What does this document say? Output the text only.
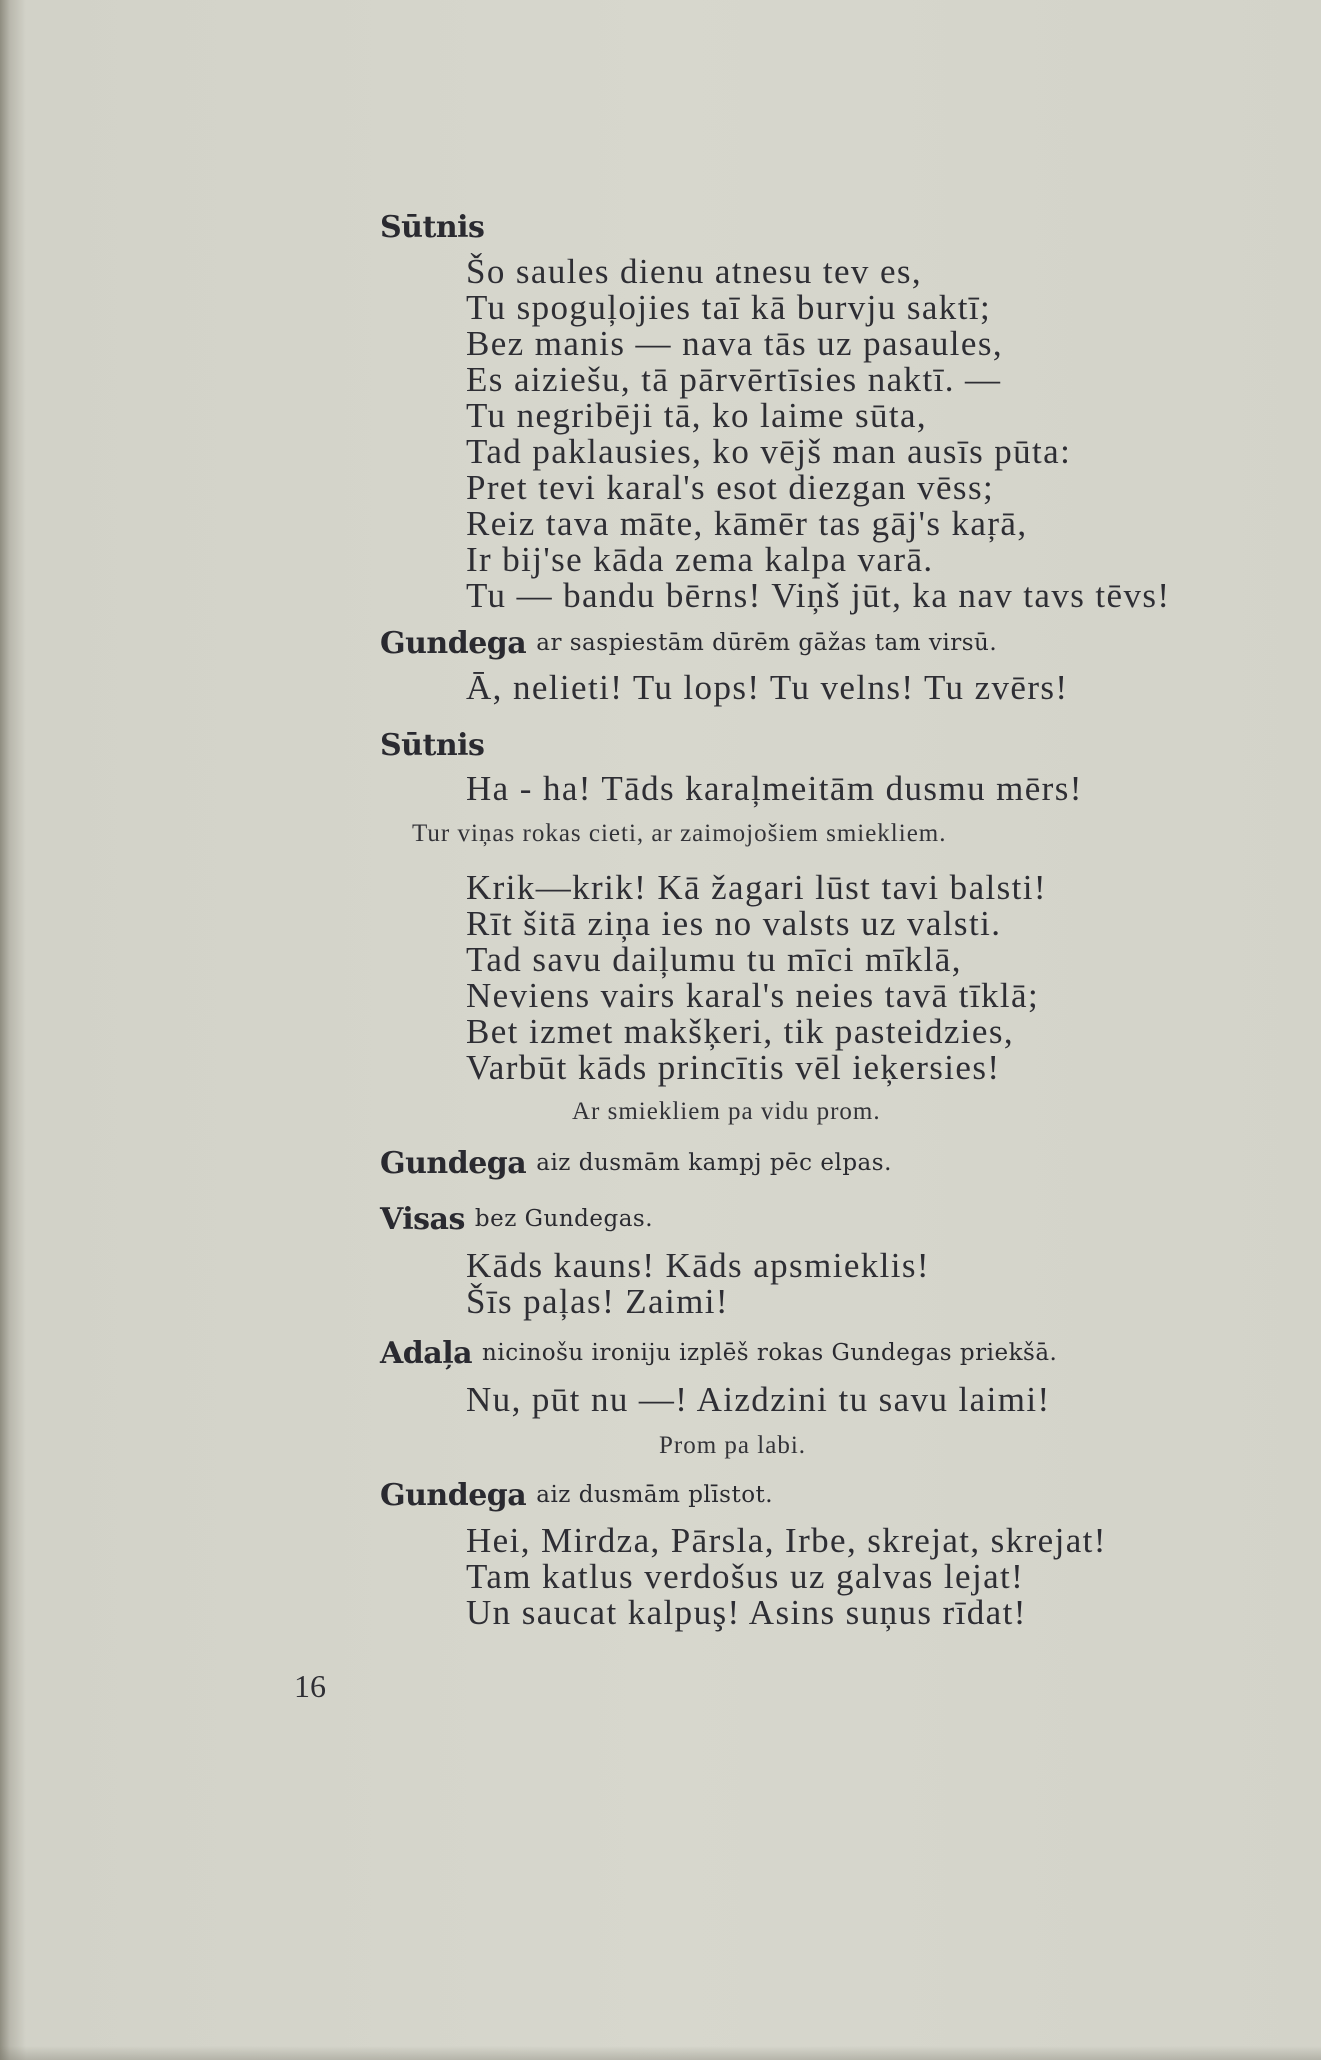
Sūtnis
Šo saules dienu atnesu tev es,
Tu spoguļojies taī kā burvju saktī;
Bez manis — nava tās uz pasaules,
Es aiziešu, tā pārvērtīsies naktī. —
Tu negribēji tā, ko laime sūta,
Tad paklausies, ko vējš man ausīs pūta:
Pret tevi karal's esot diezgan vēss;
Reiz tava māte, kāmēr tas gāj's kaŗā,
Ir bij'se kāda zema kalpa varā.
Tu — bandu bērns! Viņš jūt, ka nav tavs tēvs!
Gundega ar saspiestām dūrēm gāžas tam virsū.
Ā, nelieti! Tu lops! Tu velns! Tu zvērs!
Sūtnis
Ha - ha! Tāds karaļmeitām dusmu mērs!
Tur viņas rokas cieti, ar zaimojošiem smiekliem.
Krik—krik! Kā žagari lūst tavi balsti!
Rīt šitā ziņa ies no valsts uz valsti.
Tad savu daiļumu tu mīci mīklā,
Neviens vairs karal's neies tavā tīklā;
Bet izmet makšķeri, tik pasteidzies,
Varbūt kāds princītis vēl ieķersies!
Ar smiekliem pa vidu prom.
Gundega aiz dusmām kampj pēc elpas.
Visas bez Gundegas.
Kāds kauns! Kāds apsmieklis!
Šīs paļas! Zaimi!
Adaļa nicinošu ironiju izplēš rokas Gundegas priekšā.
Nu, pūt nu —! Aizdzini tu savu laimi!
Prom pa labi.
Gundega aiz dusmām plīstot.
Hei, Mirdza, Pārsla, Irbe, skrejat, skrejat!
Tam katlus verdošus uz galvas lejat!
Un saucat kalpuş! Asins suņus rīdat!
16
